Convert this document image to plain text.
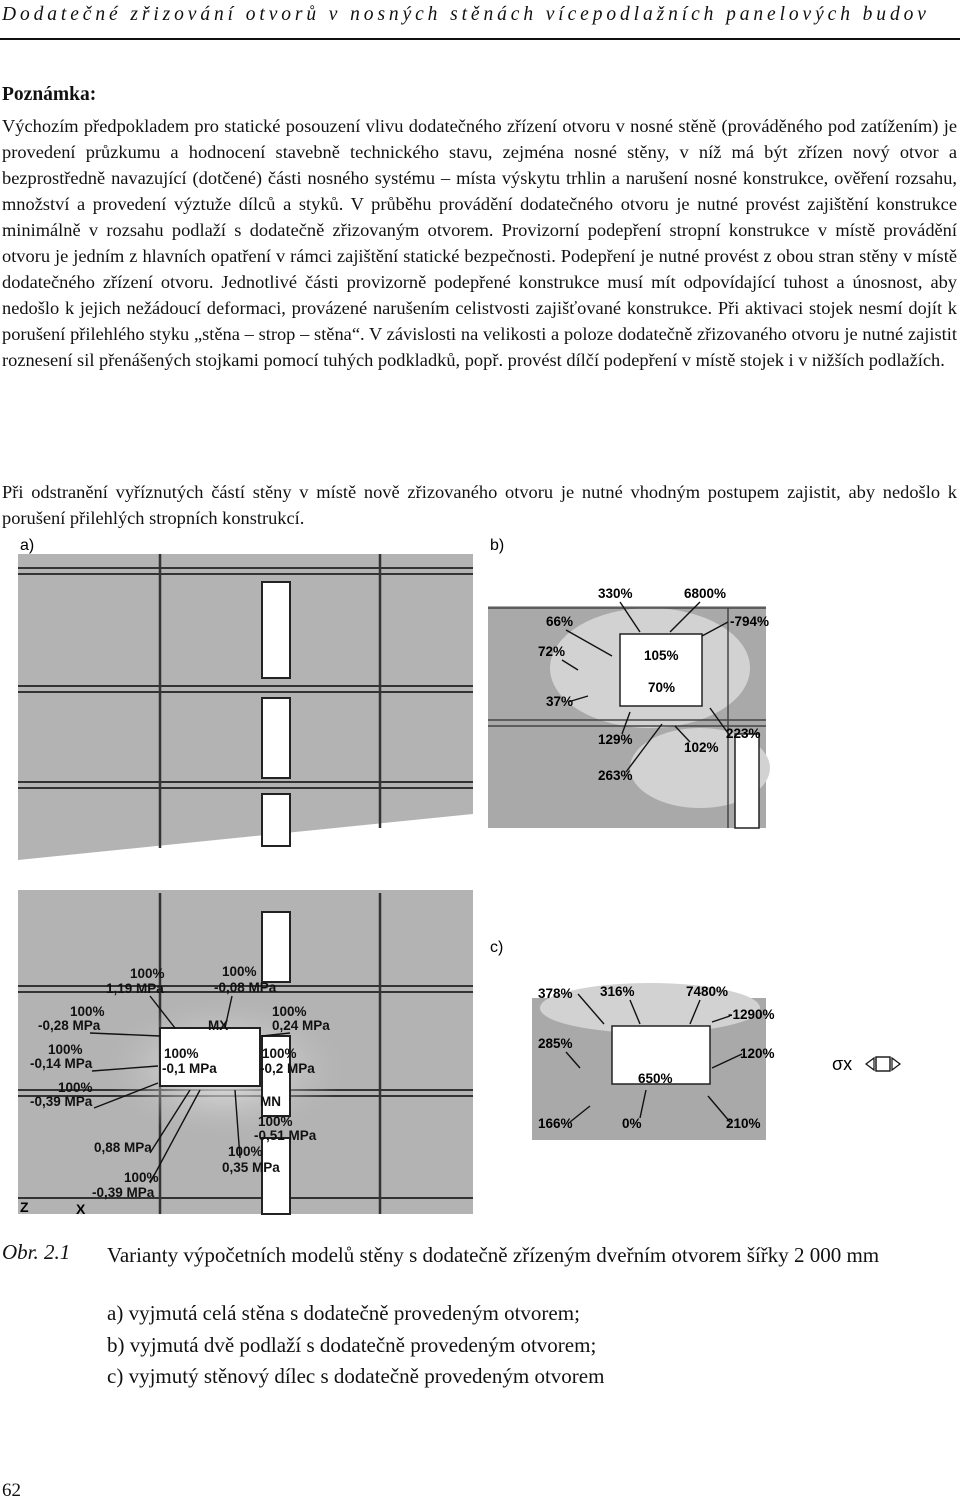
Dodatečné zřizování otvorů v nosných stěnách vícepodlažních panelových budov
Poznámka:
Výchozím předpokladem pro statické posouzení vlivu dodatečného zřízení otvoru v nosné stěně (prováděného pod zatížením) je provedení průzkumu a hodnocení stavebně technického stavu, zejména nosné stěny, v níž má být zřízen nový otvor a bezprostředně navazující (dotčené) části nosného systému – místa výskytu trhlin a narušení nosné konstrukce, ověření rozsahu, množství a provedení výztuže dílců a styků. V průběhu provádění dodatečného otvoru je nutné provést zajištění konstrukce minimálně v rozsahu podlaží s dodatečně zřizovaným otvorem. Provizorní podepření stropní konstrukce v místě provádění otvoru je jedním z hlavních opatření v rámci zajištění statické bezpečnosti. Podepření je nutné provést z obou stran stěny v místě dodatečného zřízení otvoru. Jednotlivé části provizorně podepřené konstrukce musí mít odpovídající tuhost a únosnost, aby nedošlo k jejich nežádoucí deformaci, provázené narušením celistvosti zajišťované konstrukce. Při aktivaci stojek nesmí dojít k porušení přilehlého styku „stěna – strop – stěna“. V závislosti na velikosti a poloze dodatečně zřizovaného otvoru je nutné zajistit roznesení sil přenášených stojkami pomocí tuhých podkladků, popř. provést dílčí podepření v místě stojek i v nižších podlažích.
Při odstranění vyříznutých částí stěny v místě nově zřizovaného otvoru je nutné vhodným postupem zajistit, aby nedošlo k porušení přilehlých stropních konstrukcí.
a)
100%
1,19 MPa
100%
-0,08 MPa
100%
-0,28 MPa	MX
100%
0,24 MPa
100%
-0,14 MPa
100%
-0,1 MPa
100%
-0,2 MPa
100%
-0,39 MPa	MN
100%
-0,51 MPa
0,88 MPa	100%
0,35 MPa
100%
-0,39 MPa
Z	X
b)
330%	6800%
66%	-794%
72%	105%
70%
37%
129%	223%
102%
263%
c)
378% 316%	7480%
-1290%
285%
120%
650%
166%	0%	210%
σx
Obr. 2.1 Varianty výpočetních modelů stěny s dodatečně zřízeným dveřním otvorem šířky 2 000 mm
a) vyjmutá celá stěna s dodatečně provedeným otvorem;
b) vyjmutá dvě podlaží s dodatečně provedeným otvorem;
c) vyjmutý stěnový dílec s dodatečně provedeným otvorem
62
